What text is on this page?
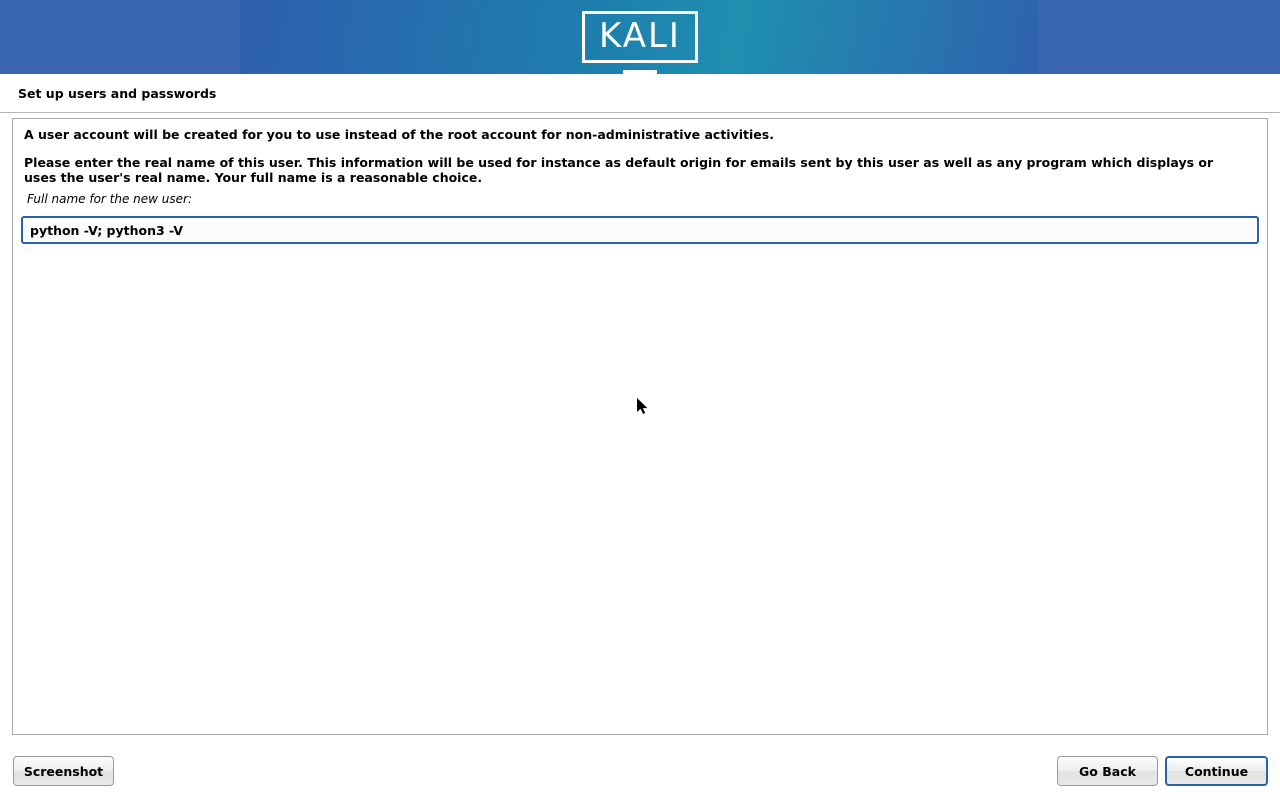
KALI
Set up users and passwords
A user account will be created for you to use instead of the root account for non-administrative activities.
Please enter the real name of this user. This information will be used for instance as default origin for emails sent by this user as well as any program which displays or uses the user's real name. Your full name is a reasonable choice.
Full name for the new user:
python -V; python3 -V
Screenshot	Go Back	Continue
